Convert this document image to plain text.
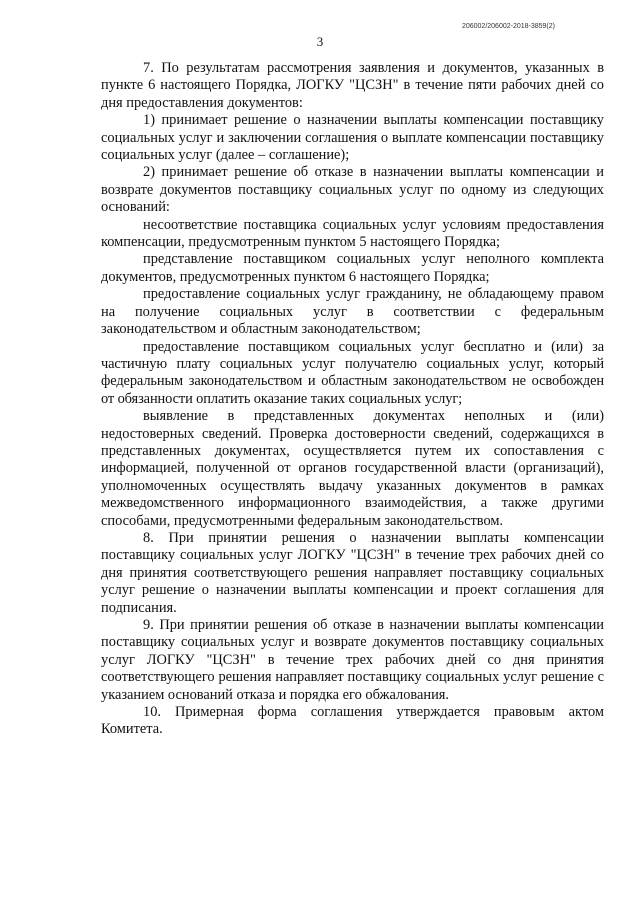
206002/206002-2018-3859(2)
3

7. По результатам рассмотрения заявления и документов, указанных в пункте 6 настоящего Порядка, ЛОГКУ "ЦСЗН" в течение пяти рабочих дней со дня предоставления документов:

1) принимает решение о назначении выплаты компенсации поставщику социальных услуг и заключении соглашения о выплате компенсации поставщику социальных услуг (далее – соглашение);

2) принимает решение об отказе в назначении выплаты компенсации и возврате документов поставщику социальных услуг по одному из следующих оснований:

несоответствие поставщика социальных услуг условиям предоставления компенсации, предусмотренным пунктом 5 настоящего Порядка;

представление поставщиком социальных услуг неполного комплекта документов, предусмотренных пунктом 6 настоящего Порядка;

предоставление социальных услуг гражданину, не обладающему правом на получение социальных услуг в соответствии с федеральным законодательством и областным законодательством;

предоставление поставщиком социальных услуг бесплатно и (или) за частичную плату социальных услуг получателю социальных услуг, который федеральным законодательством и областным законодательством не освобожден от обязанности оплатить оказание таких социальных услуг;

выявление в представленных документах неполных и (или) недостоверных сведений. Проверка достоверности сведений, содержащихся в представленных документах, осуществляется путем их сопоставления с информацией, полученной от органов государственной власти (организаций), уполномоченных осуществлять выдачу указанных документов в рамках межведомственного информационного взаимодействия, а также другими способами, предусмотренными федеральным законодательством.

8. При принятии решения о назначении выплаты компенсации поставщику социальных услуг ЛОГКУ "ЦСЗН" в течение трех рабочих дней со дня принятия соответствующего решения направляет поставщику социальных услуг решение о назначении выплаты компенсации и проект соглашения для подписания.

9. При принятии решения об отказе в назначении выплаты компенсации поставщику социальных услуг и возврате документов поставщику социальных услуг ЛОГКУ "ЦСЗН" в течение трех рабочих дней со дня принятия соответствующего решения направляет поставщику социальных услуг решение с указанием оснований отказа и порядка его обжалования.

10. Примерная форма соглашения утверждается правовым актом Комитета.
